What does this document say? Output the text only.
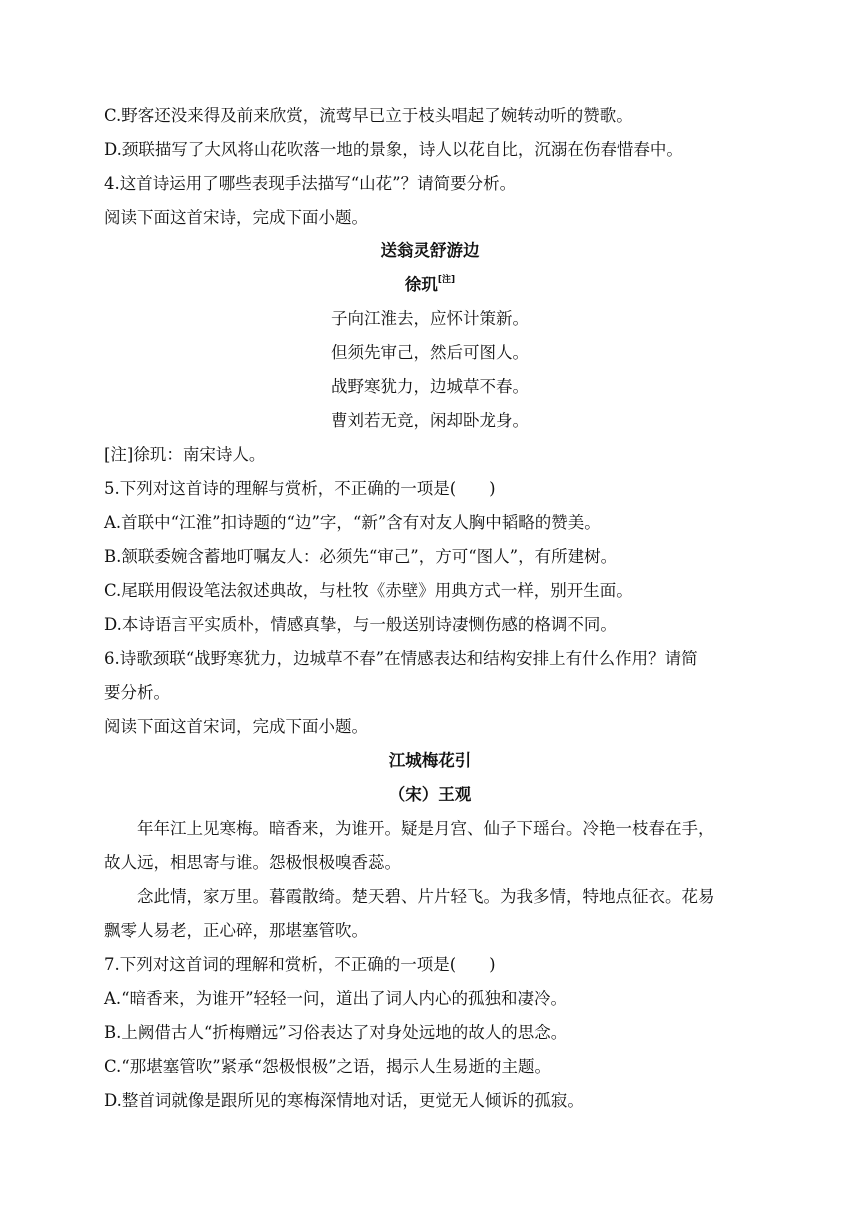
C.野客还没来得及前来欣赏，流莺早已立于枝头唱起了婉转动听的赞歌。
D.颈联描写了大风将山花吹落一地的景象，诗人以花自比，沉溺在伤春惜春中。
4.这首诗运用了哪些表现手法描写“山花”？请简要分析。
阅读下面这首宋诗，完成下面小题。
送翁灵舒游边
徐玑[注]
子向江淮去，应怀计策新。
但须先审己，然后可图人。
战野寒犹力，边城草不春。
曹刘若无竞，闲却卧龙身。
[注]徐玑：南宋诗人。
5.下列对这首诗的理解与赏析，不正确的一项是(　　)
A.首联中“江淮”扣诗题的“边”字，“新”含有对友人胸中韬略的赞美。
B.颔联委婉含蓄地叮嘱友人：必须先“审己”，方可“图人”，有所建树。
C.尾联用假设笔法叙述典故，与杜牧《赤壁》用典方式一样，别开生面。
D.本诗语言平实质朴，情感真挚，与一般送别诗凄恻伤感的格调不同。
6.诗歌颈联“战野寒犹力，边城草不春”在情感表达和结构安排上有什么作用？请简
要分析。
阅读下面这首宋词，完成下面小题。
江城梅花引
（宋）王观
年年江上见寒梅。暗香来，为谁开。疑是月宫、仙子下瑶台。冷艳一枝春在手，
故人远，相思寄与谁。怨极恨极嗅香蕊。
念此情，家万里。暮霞散绮。楚天碧、片片轻飞。为我多情，特地点征衣。花易
飘零人易老，正心碎，那堪塞管吹。
7.下列对这首词的理解和赏析，不正确的一项是(　　)
A.“暗香来，为谁开”轻轻一问，道出了词人内心的孤独和凄冷。
B.上阙借古人“折梅赠远”习俗表达了对身处远地的故人的思念。
C.“那堪塞管吹”紧承“怨极恨极”之语，揭示人生易逝的主题。
D.整首词就像是跟所见的寒梅深情地对话，更觉无人倾诉的孤寂。
